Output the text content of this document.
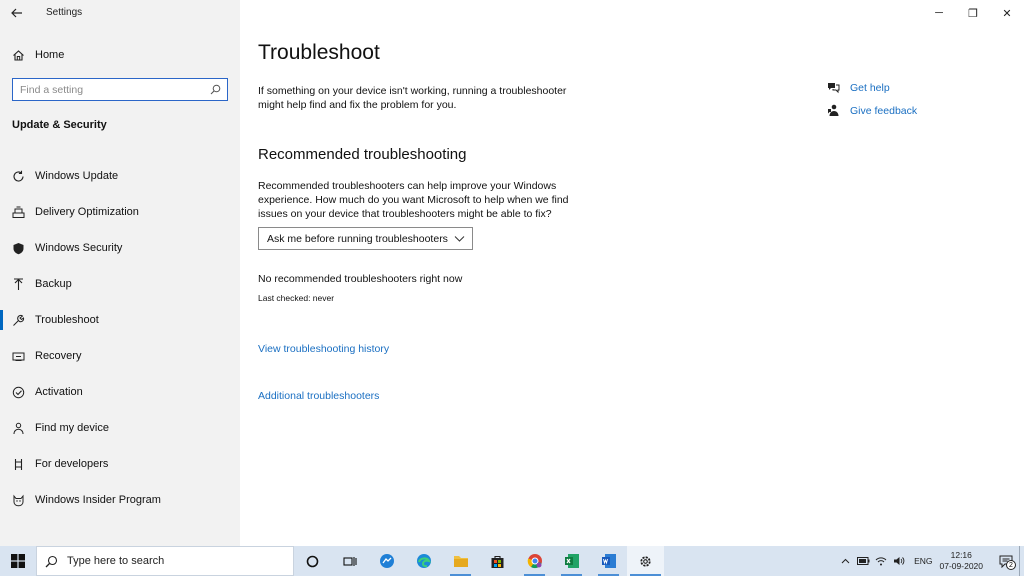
Settings
Home
Find a setting
Update & Security
Windows Update
Delivery Optimization
Windows Security
Backup
Troubleshoot
Recovery
Activation
Find my device
For developers
Windows Insider Program
─ ❐ ✕
Troubleshoot

If something on your device isn't working, running a troubleshooter might help find and fix the problem for you.

Recommended troubleshooting

Recommended troubleshooters can help improve your Windows experience. How much do you want Microsoft to help when we find issues on your device that troubleshooters might be able to fix?

Ask me before running troubleshooters
No recommended troubleshooters right now
Last checked: never
View troubleshooting history
Additional troubleshooters
Get help
Give feedback
Type here to search	ENG
12:16
07-09-2020	2
